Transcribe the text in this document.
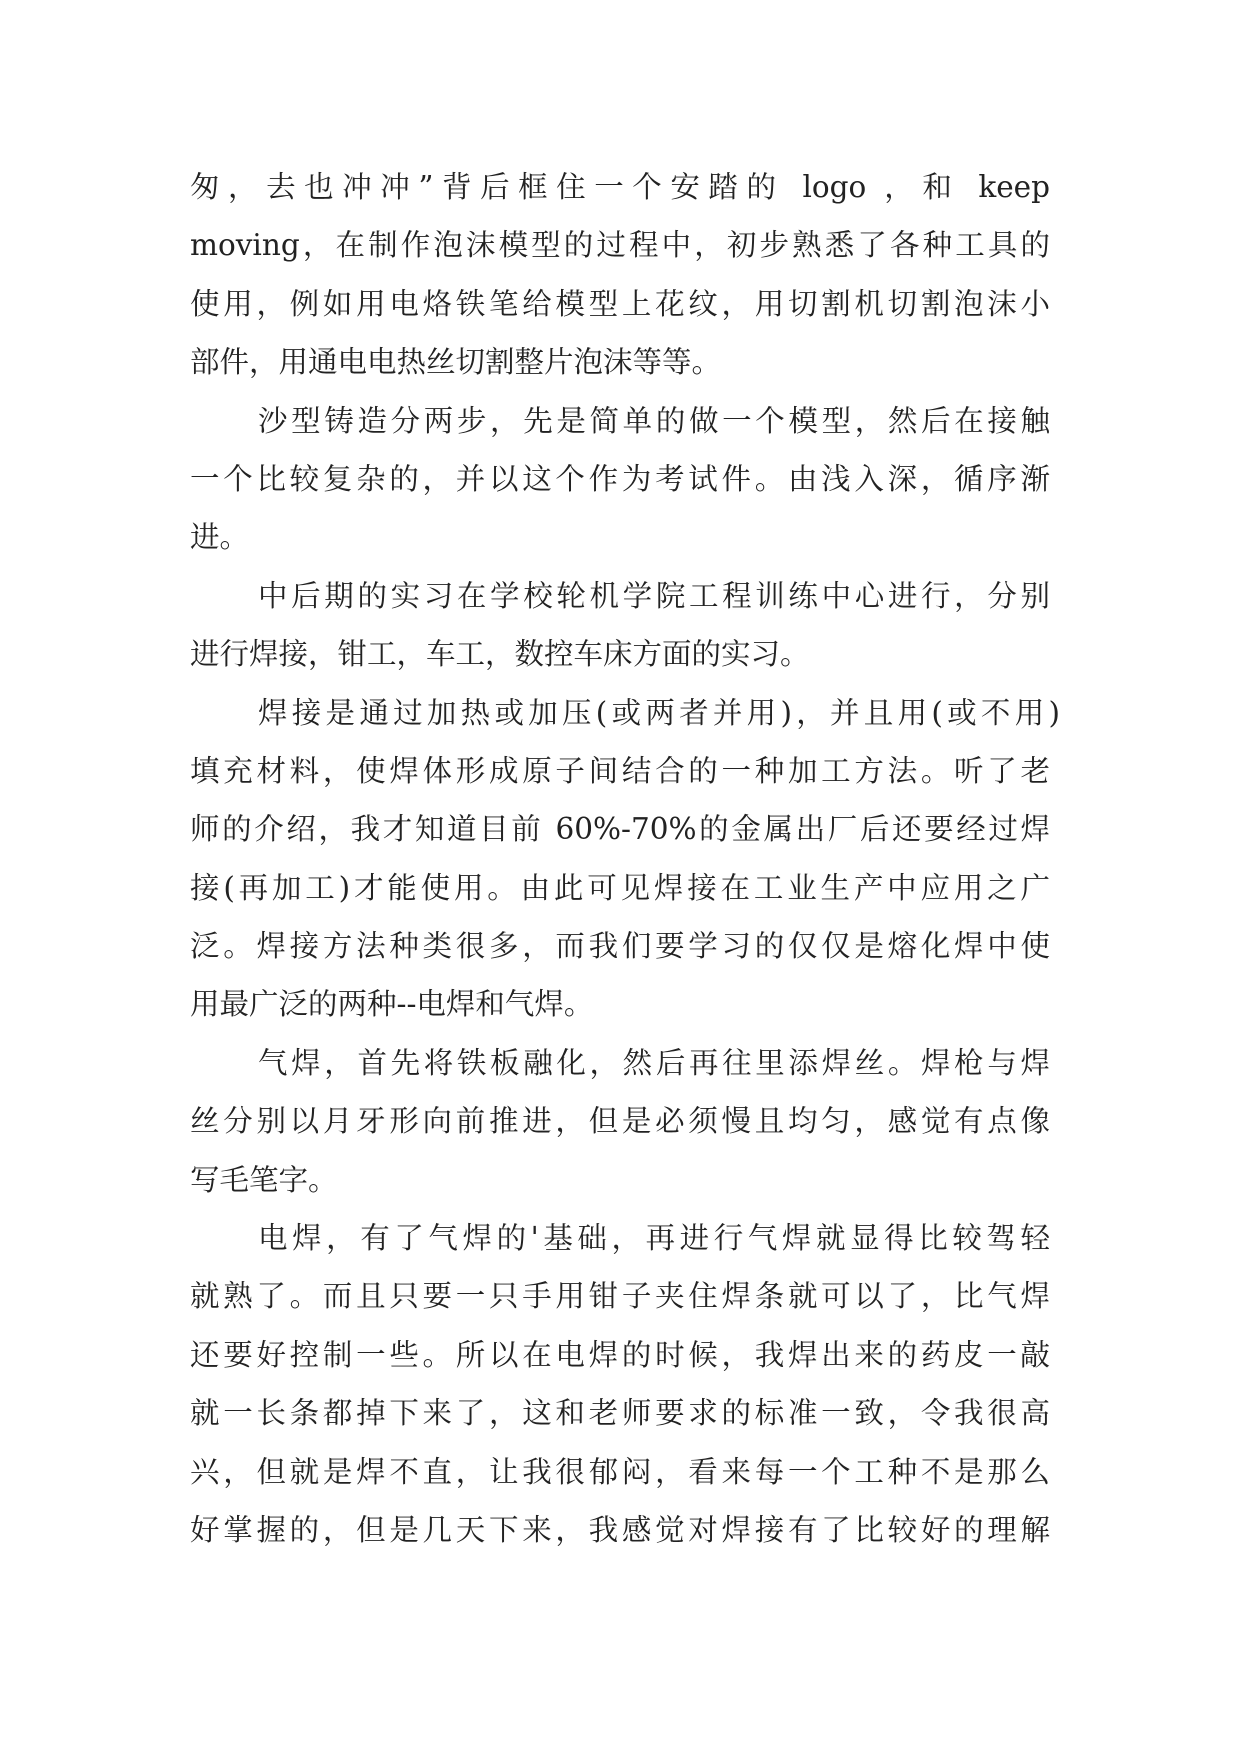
匆，去也冲冲”背后框住一个安踏的 logo ，和 keep
moving，在制作泡沫模型的过程中，初步熟悉了各种工具的
使用，例如用电烙铁笔给模型上花纹，用切割机切割泡沫小
部件，用通电电热丝切割整片泡沫等等。
沙型铸造分两步，先是简单的做一个模型，然后在接触
一个比较复杂的，并以这个作为考试件。由浅入深，循序渐
进。
中后期的实习在学校轮机学院工程训练中心进行，分别
进行焊接，钳工，车工，数控车床方面的实习。
焊接是通过加热或加压(或两者并用)，并且用(或不用)
填充材料，使焊体形成原子间结合的一种加工方法。听了老
师的介绍，我才知道目前 60%-70%的金属出厂后还要经过焊
接(再加工)才能使用。由此可见焊接在工业生产中应用之广
泛。焊接方法种类很多，而我们要学习的仅仅是熔化焊中使
用最广泛的两种--电焊和气焊。
气焊，首先将铁板融化，然后再往里添焊丝。焊枪与焊
丝分别以月牙形向前推进，但是必须慢且均匀，感觉有点像
写毛笔字。
电焊，有了气焊的'基础，再进行气焊就显得比较驾轻
就熟了。而且只要一只手用钳子夹住焊条就可以了，比气焊
还要好控制一些。所以在电焊的时候，我焊出来的药皮一敲
就一长条都掉下来了，这和老师要求的标准一致，令我很高
兴，但就是焊不直，让我很郁闷，看来每一个工种不是那么
好掌握的，但是几天下来，我感觉对焊接有了比较好的理解
